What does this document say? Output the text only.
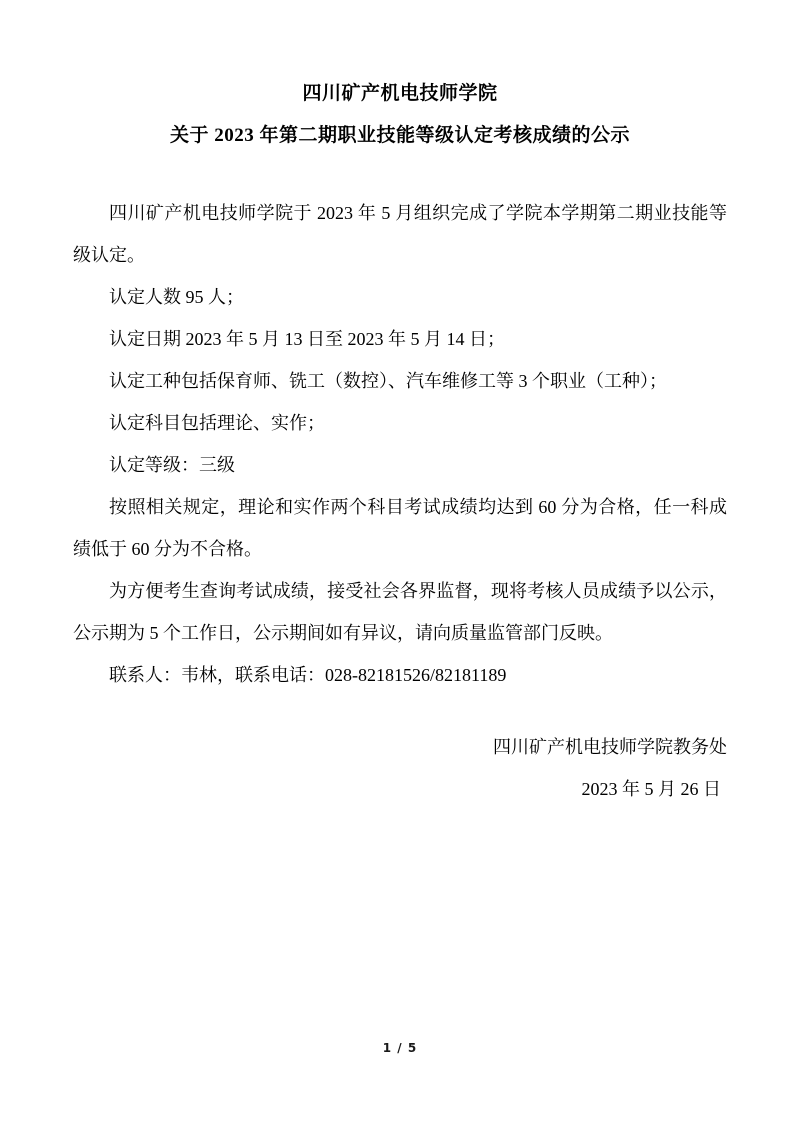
四川矿产机电技师学院
关于 2023 年第二期职业技能等级认定考核成绩的公示

四川矿产机电技师学院于 2023 年 5 月组织完成了学院本学期第二期业技能等级认定。

认定人数 95 人；

认定日期 2023 年 5 月 13 日至 2023 年 5 月 14 日；

认定工种包括保育师、铣工（数控）、汽车维修工等 3 个职业（工种）；

认定科目包括理论、实作；

认定等级：三级

按照相关规定，理论和实作两个科目考试成绩均达到 60 分为合格，任一科成绩低于 60 分为不合格。

为方便考生查询考试成绩，接受社会各界监督，现将考核人员成绩予以公示，公示期为 5 个工作日，公示期间如有异议，请向质量监管部门反映。

联系人：韦林，联系电话：028-82181526/82181189

四川矿产机电技师学院教务处

2023 年 5 月 26 日

1 / 5
